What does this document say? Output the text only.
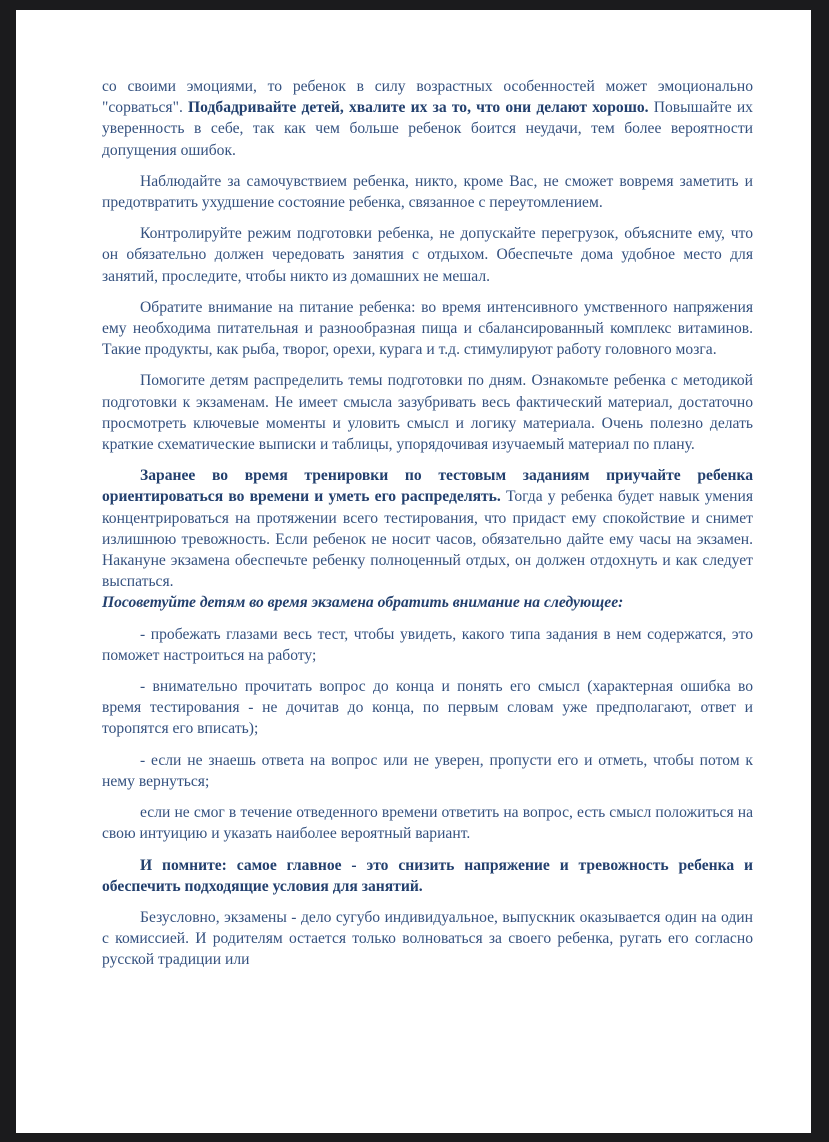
со своими эмоциями, то ребенок в силу возрастных особенностей может эмоционально "сорваться". Подбадривайте детей, хвалите их за то, что они делают хорошо. Повышайте их уверенность в себе, так как чем больше ребенок боится неудачи, тем более вероятности допущения ошибок.

Наблюдайте за самочувствием ребенка, никто, кроме Вас, не сможет вовремя заметить и предотвратить ухудшение состояние ребенка, связанное с переутомлением.

Контролируйте режим подготовки ребенка, не допускайте перегрузок, объясните ему, что он обязательно должен чередовать занятия с отдыхом. Обеспечьте дома удобное место для занятий, проследите, чтобы никто из домашних не мешал.

Обратите внимание на питание ребенка: во время интенсивного умственного напряжения ему необходима питательная и разнообразная пища и сбалансированный комплекс витаминов. Такие продукты, как рыба, творог, орехи, курага и т.д. стимулируют работу головного мозга.

Помогите детям распределить темы подготовки по дням. Ознакомьте ребенка с методикой подготовки к экзаменам. Не имеет смысла зазубривать весь фактический материал, достаточно просмотреть ключевые моменты и уловить смысл и логику материала. Очень полезно делать краткие схематические выписки и таблицы, упорядочивая изучаемый материал по плану.

Заранее во время тренировки по тестовым заданиям приучайте ребенка ориентироваться во времени и уметь его распределять. Тогда у ребенка будет навык умения концентрироваться на протяжении всего тестирования, что придаст ему спокойствие и снимет излишнюю тревожность. Если ребенок не носит часов, обязательно дайте ему часы на экзамен. Накануне экзамена обеспечьте ребенку полноценный отдых, он должен отдохнуть и как следует выспаться.

Посоветуйте детям во время экзамена обратить внимание на следующее:

- пробежать глазами весь тест, чтобы увидеть, какого типа задания в нем содержатся, это поможет настроиться на работу;

- внимательно прочитать вопрос до конца и понять его смысл (характерная ошибка во время тестирования - не дочитав до конца, по первым словам уже предполагают, ответ и торопятся его вписать);

- если не знаешь ответа на вопрос или не уверен, пропусти его и отметь, чтобы потом к нему вернуться;

если не смог в течение отведенного времени ответить на вопрос, есть смысл положиться на свою интуицию и указать наиболее вероятный вариант.

И помните: самое главное - это снизить напряжение и тревожность ребенка и обеспечить подходящие условия для занятий.

Безусловно, экзамены - дело сугубо индивидуальное, выпускник оказывается один на один с комиссией. И родителям остается только волноваться за своего ребенка, ругать его согласно русской традиции или
